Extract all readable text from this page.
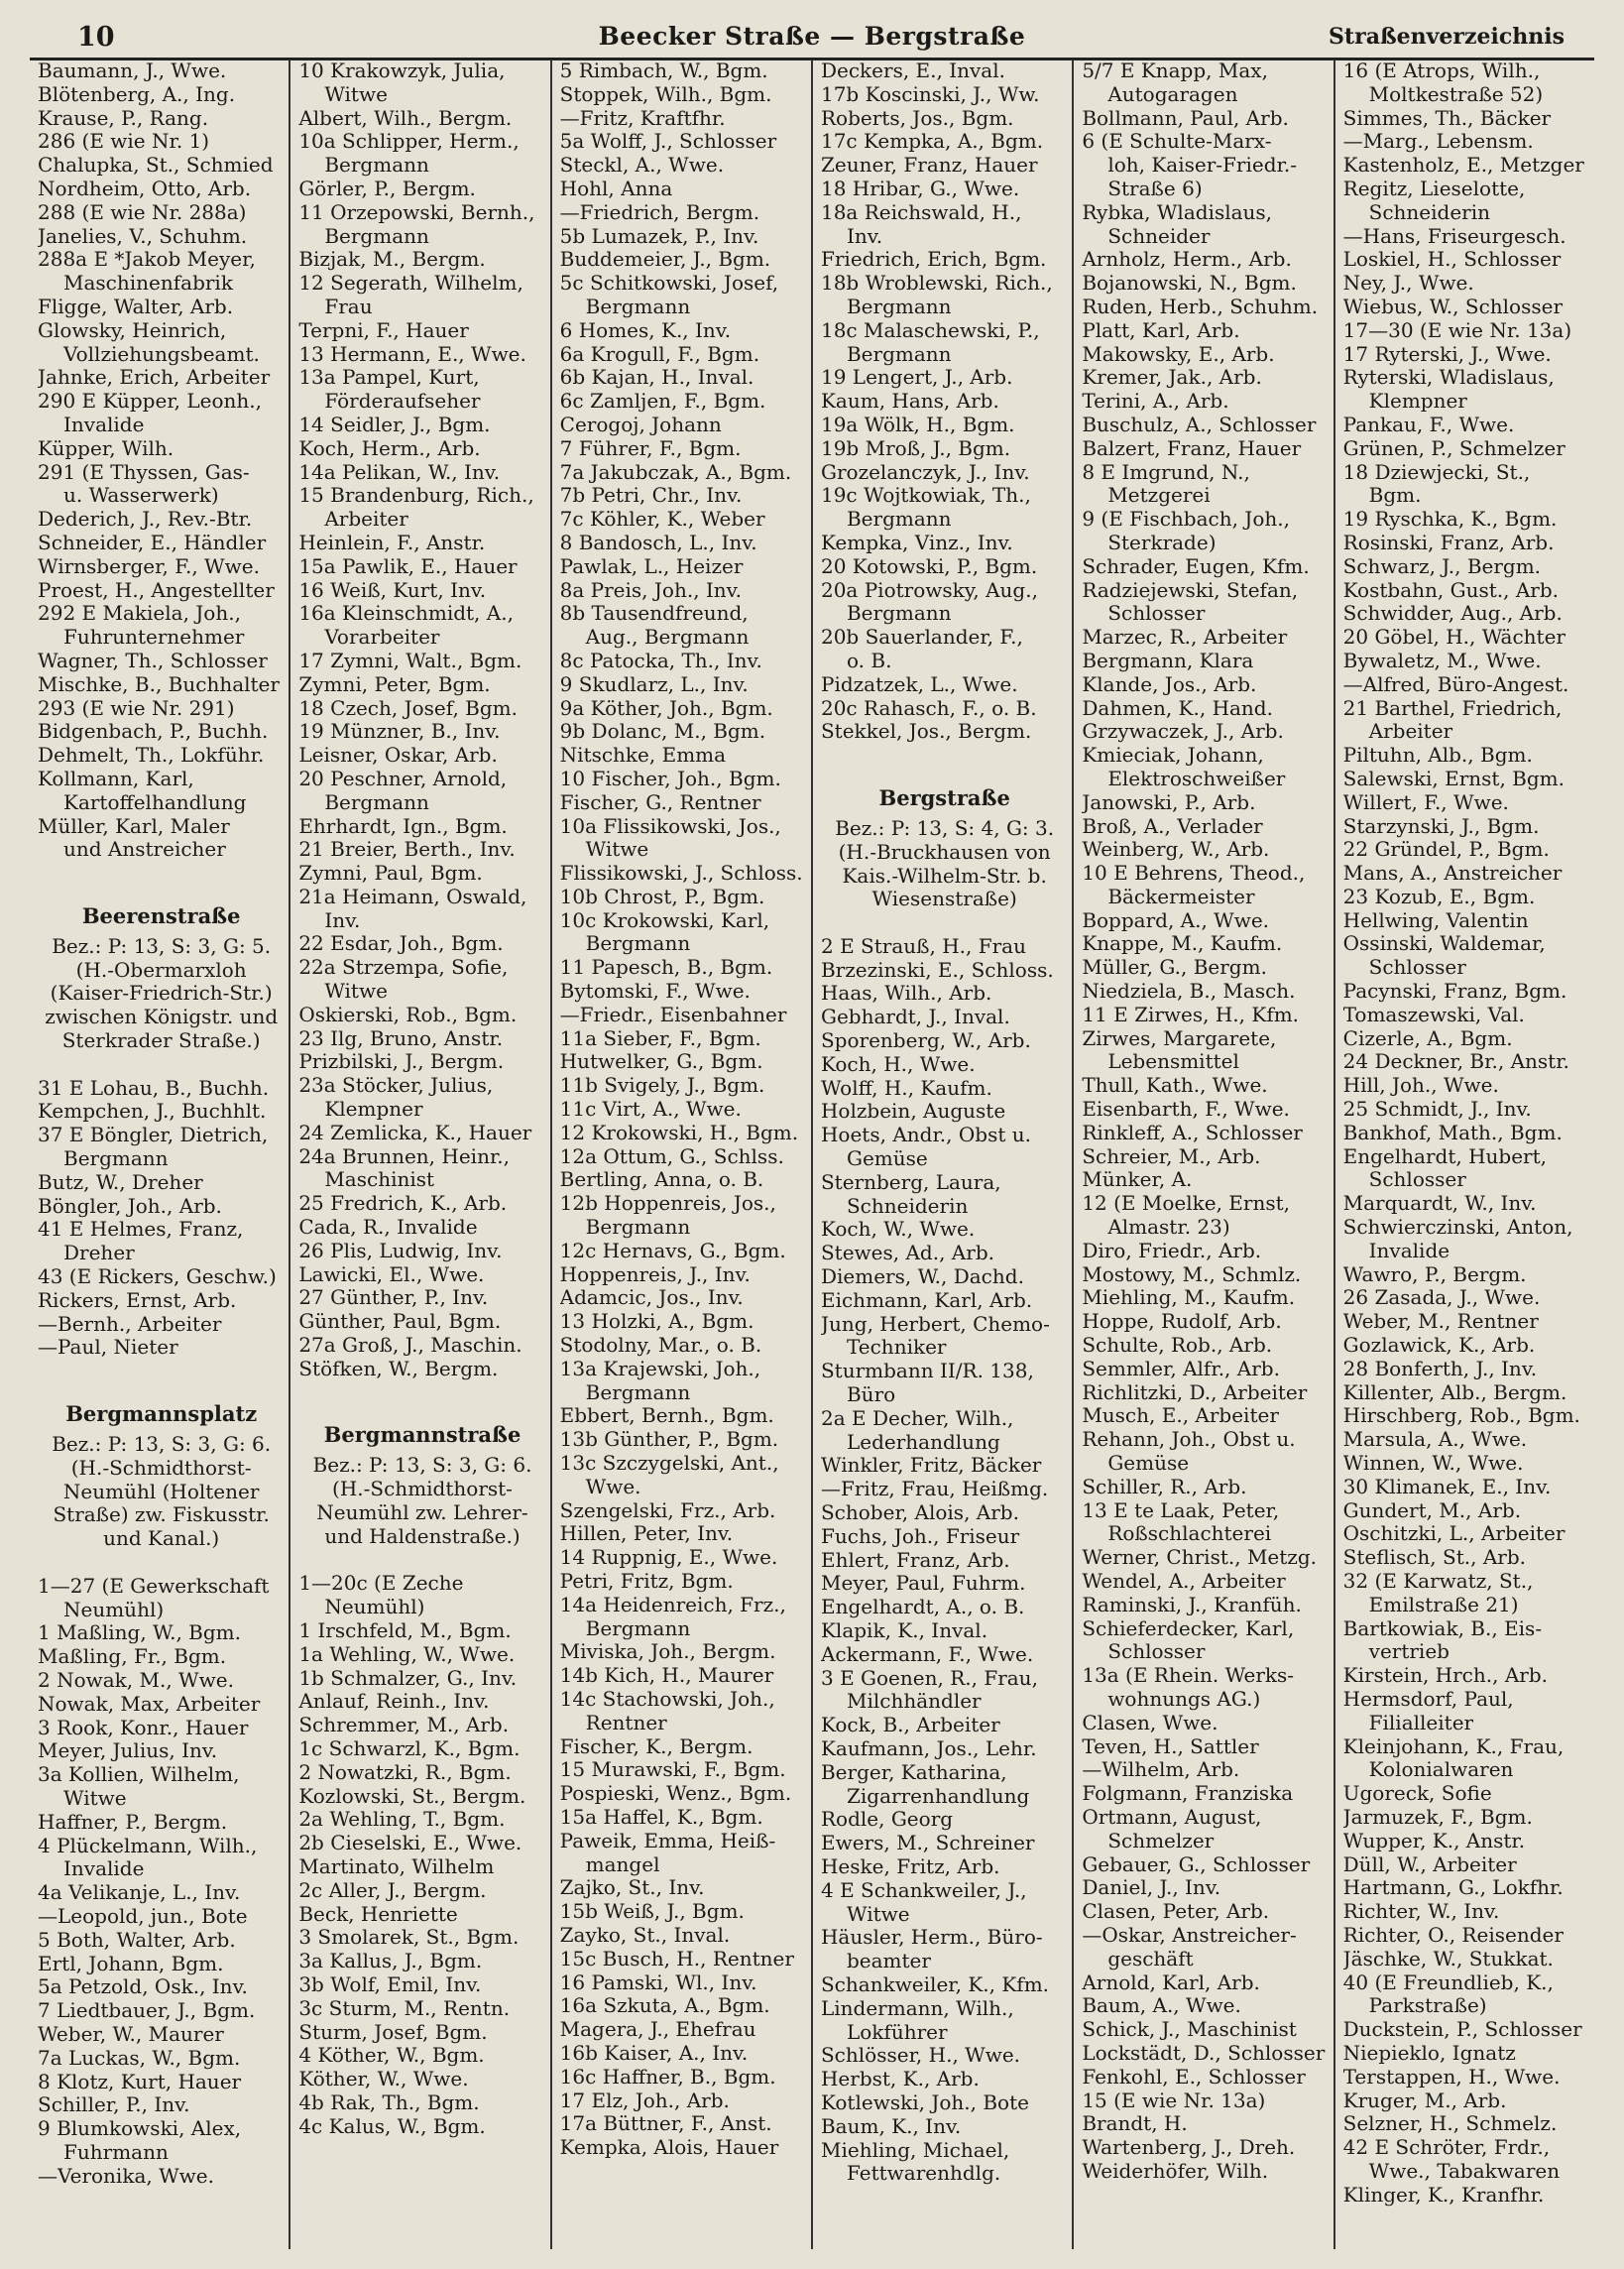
10	Beecker Straße — Bergstraße	Straßenverzeichnis
Baumann, J., Wwe.
Blötenberg, A., Ing.
Krause, P., Rang.
286 (E wie Nr. 1)
Chalupka, St., Schmied
Nordheim, Otto, Arb.
288 (E wie Nr. 288a)
Janelies, V., Schuhm.
288a E *Jakob Meyer,
Maschinenfabrik
Fligge, Walter, Arb.
Glowsky, Heinrich,
Vollziehungsbeamt.
Jahnke, Erich, Arbeiter
290 E Küpper, Leonh.,
Invalide
Küpper, Wilh.
291 (E Thyssen, Gas-
u. Wasserwerk)
Dederich, J., Rev.-Btr.
Schneider, E., Händler
Wirnsberger, F., Wwe.
Proest, H., Angestellter
292 E Makiela, Joh.,
Fuhrunternehmer
Wagner, Th., Schlosser
Mischke, B., Buchhalter
293 (E wie Nr. 291)
Bidgenbach, P., Buchh.
Dehmelt, Th., Lokführ.
Kollmann, Karl,
Kartoffelhandlung
Müller, Karl, Maler
und Anstreicher
Beerenstraße
Bez.: P: 13, S: 3, G: 5.
(H.-Obermarxloh
(Kaiser-Friedrich-Str.)
zwischen Königstr. und
Sterkrader Straße.)
31 E Lohau, B., Buchh.
Kempchen, J., Buchhlt.
37 E Böngler, Dietrich,
Bergmann
Butz, W., Dreher
Böngler, Joh., Arb.
41 E Helmes, Franz,
Dreher
43 (E Rickers, Geschw.)
Rickers, Ernst, Arb.
—Bernh., Arbeiter
—Paul, Nieter
Bergmannsplatz
Bez.: P: 13, S: 3, G: 6.
(H.-Schmidthorst-
Neumühl (Holtener
Straße) zw. Fiskusstr.
und Kanal.)
1—27 (E Gewerkschaft
Neumühl)
1 Maßling, W., Bgm.
Maßling, Fr., Bgm.
2 Nowak, M., Wwe.
Nowak, Max, Arbeiter
3 Rook, Konr., Hauer
Meyer, Julius, Inv.
3a Kollien, Wilhelm,
Witwe
Haffner, P., Bergm.
4 Plückelmann, Wilh.,
Invalide
4a Velikanje, L., Inv.
—Leopold, jun., Bote
5 Both, Walter, Arb.
Ertl, Johann, Bgm.
5a Petzold, Osk., Inv.
7 Liedtbauer, J., Bgm.
Weber, W., Maurer
7a Luckas, W., Bgm.
8 Klotz, Kurt, Hauer
Schiller, P., Inv.
9 Blumkowski, Alex,
Fuhrmann
—Veronika, Wwe.
10 Krakowzyk, Julia,
Witwe
Albert, Wilh., Bergm.
10a Schlipper, Herm.,
Bergmann
Görler, P., Bergm.
11 Orzepowski, Bernh.,
Bergmann
Bizjak, M., Bergm.
12 Segerath, Wilhelm,
Frau
Terpni, F., Hauer
13 Hermann, E., Wwe.
13a Pampel, Kurt,
Förderaufseher
14 Seidler, J., Bgm.
Koch, Herm., Arb.
14a Pelikan, W., Inv.
15 Brandenburg, Rich.,
Arbeiter
Heinlein, F., Anstr.
15a Pawlik, E., Hauer
16 Weiß, Kurt, Inv.
16a Kleinschmidt, A.,
Vorarbeiter
17 Zymni, Walt., Bgm.
Zymni, Peter, Bgm.
18 Czech, Josef, Bgm.
19 Münzner, B., Inv.
Leisner, Oskar, Arb.
20 Peschner, Arnold,
Bergmann
Ehrhardt, Ign., Bgm.
21 Breier, Berth., Inv.
Zymni, Paul, Bgm.
21a Heimann, Oswald,
Inv.
22 Esdar, Joh., Bgm.
22a Strzempa, Sofie,
Witwe
Oskierski, Rob., Bgm.
23 Ilg, Bruno, Anstr.
Prizbilski, J., Bergm.
23a Stöcker, Julius,
Klempner
24 Zemlicka, K., Hauer
24a Brunnen, Heinr.,
Maschinist
25 Fredrich, K., Arb.
Cada, R., Invalide
26 Plis, Ludwig, Inv.
Lawicki, El., Wwe.
27 Günther, P., Inv.
Günther, Paul, Bgm.
27a Groß, J., Maschin.
Stöfken, W., Bergm.
Bergmannstraße
Bez.: P: 13, S: 3, G: 6.
(H.-Schmidthorst-
Neumühl zw. Lehrer-
und Haldenstraße.)
1—20c (E Zeche
Neumühl)
1 Irschfeld, M., Bgm.
1a Wehling, W., Wwe.
1b Schmalzer, G., Inv.
Anlauf, Reinh., Inv.
Schremmer, M., Arb.
1c Schwarzl, K., Bgm.
2 Nowatzki, R., Bgm.
Kozlowski, St., Bergm.
2a Wehling, T., Bgm.
2b Cieselski, E., Wwe.
Martinato, Wilhelm
2c Aller, J., Bergm.
Beck, Henriette
3 Smolarek, St., Bgm.
3a Kallus, J., Bgm.
3b Wolf, Emil, Inv.
3c Sturm, M., Rentn.
Sturm, Josef, Bgm.
4 Köther, W., Bgm.
Köther, W., Wwe.
4b Rak, Th., Bgm.
4c Kalus, W., Bgm.
5 Rimbach, W., Bgm.
Stoppek, Wilh., Bgm.
—Fritz, Kraftfhr.
5a Wolff, J., Schlosser
Steckl, A., Wwe.
Hohl, Anna
—Friedrich, Bergm.
5b Lumazek, P., Inv.
Buddemeier, J., Bgm.
5c Schitkowski, Josef,
Bergmann
6 Homes, K., Inv.
6a Krogull, F., Bgm.
6b Kajan, H., Inval.
6c Zamljen, F., Bgm.
Cerogoj, Johann
7 Führer, F., Bgm.
7a Jakubczak, A., Bgm.
7b Petri, Chr., Inv.
7c Köhler, K., Weber
8 Bandosch, L., Inv.
Pawlak, L., Heizer
8a Preis, Joh., Inv.
8b Tausendfreund,
Aug., Bergmann
8c Patocka, Th., Inv.
9 Skudlarz, L., Inv.
9a Köther, Joh., Bgm.
9b Dolanc, M., Bgm.
Nitschke, Emma
10 Fischer, Joh., Bgm.
Fischer, G., Rentner
10a Flissikowski, Jos.,
Witwe
Flissikowski, J., Schloss.
10b Chrost, P., Bgm.
10c Krokowski, Karl,
Bergmann
11 Papesch, B., Bgm.
Bytomski, F., Wwe.
—Friedr., Eisenbahner
11a Sieber, F., Bgm.
Hutwelker, G., Bgm.
11b Svigely, J., Bgm.
11c Virt, A., Wwe.
12 Krokowski, H., Bgm.
12a Ottum, G., Schlss.
Bertling, Anna, o. B.
12b Hoppenreis, Jos.,
Bergmann
12c Hernavs, G., Bgm.
Hoppenreis, J., Inv.
Adamcic, Jos., Inv.
13 Holzki, A., Bgm.
Stodolny, Mar., o. B.
13a Krajewski, Joh.,
Bergmann
Ebbert, Bernh., Bgm.
13b Günther, P., Bgm.
13c Szczygelski, Ant.,
Wwe.
Szengelski, Frz., Arb.
Hillen, Peter, Inv.
14 Ruppnig, E., Wwe.
Petri, Fritz, Bgm.
14a Heidenreich, Frz.,
Bergmann
Miviska, Joh., Bergm.
14b Kich, H., Maurer
14c Stachowski, Joh.,
Rentner
Fischer, K., Bergm.
15 Murawski, F., Bgm.
Pospieski, Wenz., Bgm.
15a Haffel, K., Bgm.
Paweik, Emma, Heiß-
mangel
Zajko, St., Inv.
15b Weiß, J., Bgm.
Zayko, St., Inval.
15c Busch, H., Rentner
16 Pamski, Wl., Inv.
16a Szkuta, A., Bgm.
Magera, J., Ehefrau
16b Kaiser, A., Inv.
16c Haffner, B., Bgm.
17 Elz, Joh., Arb.
17a Büttner, F., Anst.
Kempka, Alois, Hauer
Deckers, E., Inval.
17b Koscinski, J., Ww.
Roberts, Jos., Bgm.
17c Kempka, A., Bgm.
Zeuner, Franz, Hauer
18 Hribar, G., Wwe.
18a Reichswald, H.,
Inv.
Friedrich, Erich, Bgm.
18b Wroblewski, Rich.,
Bergmann
18c Malaschewski, P.,
Bergmann
19 Lengert, J., Arb.
Kaum, Hans, Arb.
19a Wölk, H., Bgm.
19b Mroß, J., Bgm.
Grozelanczyk, J., Inv.
19c Wojtkowiak, Th.,
Bergmann
Kempka, Vinz., Inv.
20 Kotowski, P., Bgm.
20a Piotrowsky, Aug.,
Bergmann
20b Sauerlander, F.,
o. B.
Pidzatzek, L., Wwe.
20c Rahasch, F., o. B.
Stekkel, Jos., Bergm.
Bergstraße
Bez.: P: 13, S: 4, G: 3.
(H.-Bruckhausen von
Kais.-Wilhelm-Str. b.
Wiesenstraße)
2 E Strauß, H., Frau
Brzezinski, E., Schloss.
Haas, Wilh., Arb.
Gebhardt, J., Inval.
Sporenberg, W., Arb.
Koch, H., Wwe.
Wolff, H., Kaufm.
Holzbein, Auguste
Hoets, Andr., Obst u.
Gemüse
Sternberg, Laura,
Schneiderin
Koch, W., Wwe.
Stewes, Ad., Arb.
Diemers, W., Dachd.
Eichmann, Karl, Arb.
Jung, Herbert, Chemo-
Techniker
Sturmbann II/R. 138,
Büro
2a E Decher, Wilh.,
Lederhandlung
Winkler, Fritz, Bäcker
—Fritz, Frau, Heißmg.
Schober, Alois, Arb.
Fuchs, Joh., Friseur
Ehlert, Franz, Arb.
Meyer, Paul, Fuhrm.
Engelhardt, A., o. B.
Klapik, K., Inval.
Ackermann, F., Wwe.
3 E Goenen, R., Frau,
Milchhändler
Kock, B., Arbeiter
Kaufmann, Jos., Lehr.
Berger, Katharina,
Zigarrenhandlung
Rodle, Georg
Ewers, M., Schreiner
Heske, Fritz, Arb.
4 E Schankweiler, J.,
Witwe
Häusler, Herm., Büro-
beamter
Schankweiler, K., Kfm.
Lindermann, Wilh.,
Lokführer
Schlösser, H., Wwe.
Herbst, K., Arb.
Kotlewski, Joh., Bote
Baum, K., Inv.
Miehling, Michael,
Fettwarenhdlg.
5/7 E Knapp, Max,
Autogaragen
Bollmann, Paul, Arb.
6 (E Schulte-Marx-
loh, Kaiser-Friedr.-
Straße 6)
Rybka, Wladislaus,
Schneider
Arnholz, Herm., Arb.
Bojanowski, N., Bgm.
Ruden, Herb., Schuhm.
Platt, Karl, Arb.
Makowsky, E., Arb.
Kremer, Jak., Arb.
Terini, A., Arb.
Buschulz, A., Schlosser
Balzert, Franz, Hauer
8 E Imgrund, N.,
Metzgerei
9 (E Fischbach, Joh.,
Sterkrade)
Schrader, Eugen, Kfm.
Radziejewski, Stefan,
Schlosser
Marzec, R., Arbeiter
Bergmann, Klara
Klande, Jos., Arb.
Dahmen, K., Hand.
Grzywaczek, J., Arb.
Kmieciak, Johann,
Elektroschweißer
Janowski, P., Arb.
Broß, A., Verlader
Weinberg, W., Arb.
10 E Behrens, Theod.,
Bäckermeister
Boppard, A., Wwe.
Knappe, M., Kaufm.
Müller, G., Bergm.
Niedziela, B., Masch.
11 E Zirwes, H., Kfm.
Zirwes, Margarete,
Lebensmittel
Thull, Kath., Wwe.
Eisenbarth, F., Wwe.
Rinkleff, A., Schlosser
Schreier, M., Arb.
Münker, A.
12 (E Moelke, Ernst,
Almastr. 23)
Diro, Friedr., Arb.
Mostowy, M., Schmlz.
Miehling, M., Kaufm.
Hoppe, Rudolf, Arb.
Schulte, Rob., Arb.
Semmler, Alfr., Arb.
Richlitzki, D., Arbeiter
Musch, E., Arbeiter
Rehann, Joh., Obst u.
Gemüse
Schiller, R., Arb.
13 E te Laak, Peter,
Roßschlachterei
Werner, Christ., Metzg.
Wendel, A., Arbeiter
Raminski, J., Kranfüh.
Schieferdecker, Karl,
Schlosser
13a (E Rhein. Werks-
wohnungs AG.)
Clasen, Wwe.
Teven, H., Sattler
—Wilhelm, Arb.
Folgmann, Franziska
Ortmann, August,
Schmelzer
Gebauer, G., Schlosser
Daniel, J., Inv.
Clasen, Peter, Arb.
—Oskar, Anstreicher-
geschäft
Arnold, Karl, Arb.
Baum, A., Wwe.
Schick, J., Maschinist
Lockstädt, D., Schlosser
Fenkohl, E., Schlosser
15 (E wie Nr. 13a)
Brandt, H.
Wartenberg, J., Dreh.
Weiderhöfer, Wilh.
16 (E Atrops, Wilh.,
Moltkestraße 52)
Simmes, Th., Bäcker
—Marg., Lebensm.
Kastenholz, E., Metzger
Regitz, Lieselotte,
Schneiderin
—Hans, Friseurgesch.
Loskiel, H., Schlosser
Ney, J., Wwe.
Wiebus, W., Schlosser
17—30 (E wie Nr. 13a)
17 Ryterski, J., Wwe.
Ryterski, Wladislaus,
Klempner
Pankau, F., Wwe.
Grünen, P., Schmelzer
18 Dziewjecki, St.,
Bgm.
19 Ryschka, K., Bgm.
Rosinski, Franz, Arb.
Schwarz, J., Bergm.
Kostbahn, Gust., Arb.
Schwidder, Aug., Arb.
20 Göbel, H., Wächter
Bywaletz, M., Wwe.
—Alfred, Büro-Angest.
21 Barthel, Friedrich,
Arbeiter
Piltuhn, Alb., Bgm.
Salewski, Ernst, Bgm.
Willert, F., Wwe.
Starzynski, J., Bgm.
22 Gründel, P., Bgm.
Mans, A., Anstreicher
23 Kozub, E., Bgm.
Hellwing, Valentin
Ossinski, Waldemar,
Schlosser
Pacynski, Franz, Bgm.
Tomaszewski, Val.
Cizerle, A., Bgm.
24 Deckner, Br., Anstr.
Hill, Joh., Wwe.
25 Schmidt, J., Inv.
Bankhof, Math., Bgm.
Engelhardt, Hubert,
Schlosser
Marquardt, W., Inv.
Schwierczinski, Anton,
Invalide
Wawro, P., Bergm.
26 Zasada, J., Wwe.
Weber, M., Rentner
Gozlawick, K., Arb.
28 Bonferth, J., Inv.
Killenter, Alb., Bergm.
Hirschberg, Rob., Bgm.
Marsula, A., Wwe.
Winnen, W., Wwe.
30 Klimanek, E., Inv.
Gundert, M., Arb.
Oschitzki, L., Arbeiter
Steflisch, St., Arb.
32 (E Karwatz, St.,
Emilstraße 21)
Bartkowiak, B., Eis-
vertrieb
Kirstein, Hrch., Arb.
Hermsdorf, Paul,
Filialleiter
Kleinjohann, K., Frau,
Kolonialwaren
Ugoreck, Sofie
Jarmuzek, F., Bgm.
Wupper, K., Anstr.
Düll, W., Arbeiter
Hartmann, G., Lokfhr.
Richter, W., Inv.
Richter, O., Reisender
Jäschke, W., Stukkat.
40 (E Freundlieb, K.,
Parkstraße)
Duckstein, P., Schlosser
Niepieklo, Ignatz
Terstappen, H., Wwe.
Kruger, M., Arb.
Selzner, H., Schmelz.
42 E Schröter, Frdr.,
Wwe., Tabakwaren
Klinger, K., Kranfhr.
